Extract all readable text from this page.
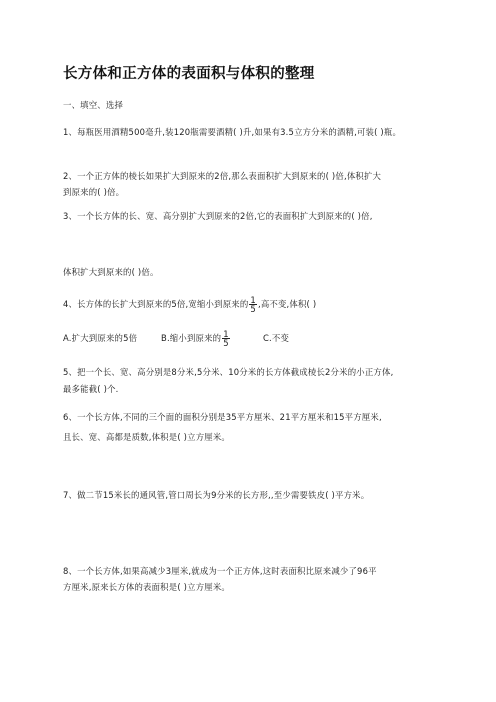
长方体和正方体的表面积与体积的整理
一、填空、选择
1、每瓶医用酒精500毫升,装120瓶需要酒精( )升,如果有3.5立方分米的酒精,可装( )瓶。
2、一个正方体的棱长如果扩大到原来的2倍,那么表面积扩大到原来的( )倍,体积扩大
到原来的( )倍。
3、一个长方体的长、宽、高分别扩大到原来的2倍,它的表面积扩大到原来的( )倍,
体积扩大到原来的( )倍。
4、长方体的长扩大到原来的5倍,宽缩小到原来的 $\frac{1}{5}$ ,高不变,体积( )
A.扩大到原来的5倍	B.缩小到原来的 $\frac{1}{5}$	C.不变
5、把一个长、宽、高分别是8分米,5分米、10分米的长方体截成棱长2分米的小正方体,
最多能截( )个.
6、一个长方体,不同的三个面的面积分别是35平方厘米、21平方厘米和15平方厘米,
且长、宽、高都是质数,体积是( )立方厘米。
7、做二节15米长的通风管,管口周长为9分米的长方形,,至少需要铁皮( )平方米。
8、一个长方体,如果高减少3厘米,就成为一个正方体,这时表面积比原来减少了96平
方厘米,原来长方体的表面积是( )立方厘米。
